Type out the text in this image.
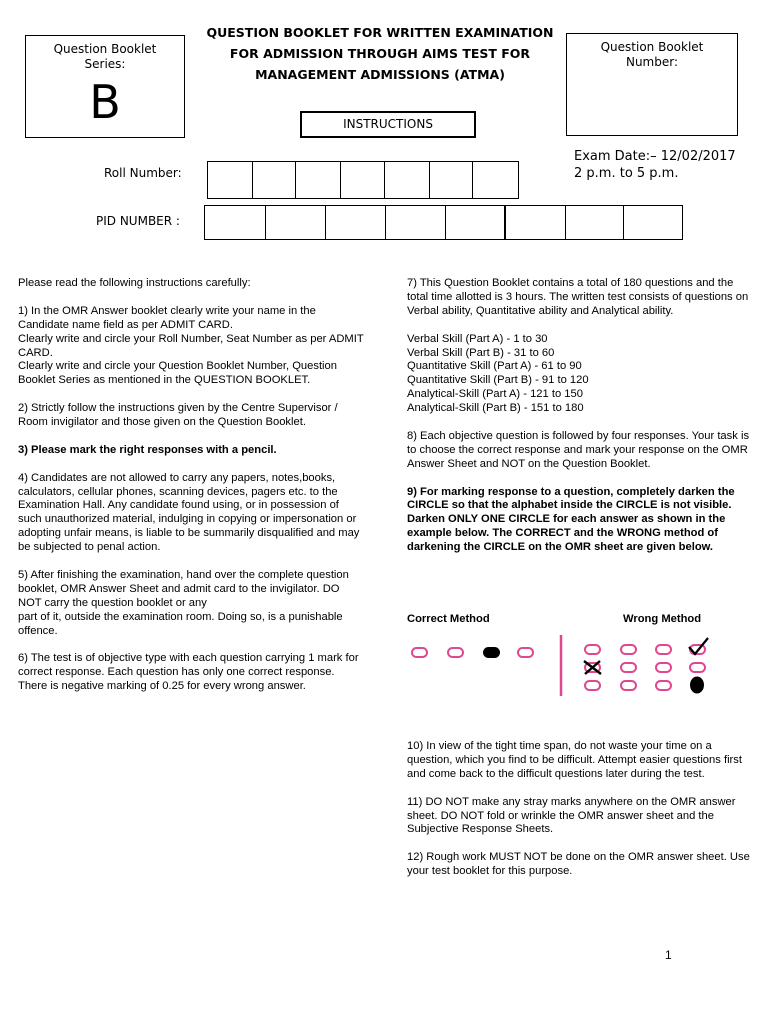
QUESTION BOOKLET FOR WRITTEN EXAMINATION
FOR ADMISSION THROUGH AIMS TEST FOR
MANAGEMENT ADMISSIONS (ATMA)
Question Booklet
Series:
B
Question Booklet
Number:
INSTRUCTIONS
Roll Number:
Exam Date:– 12/02/2017
2 p.m. to 5 p.m.
PID NUMBER :

Please read the following instructions carefully:

1) In the OMR Answer booklet clearly write your name in the Candidate name field as per ADMIT CARD.

Clearly write and circle your Roll Number, Seat Number as per ADMIT CARD.

Clearly write and circle your Question Booklet Number, Question Booklet Series as mentioned in the QUESTION BOOKLET.

2) Strictly follow the instructions given by the Centre Supervisor / Room invigilator and those given on the Question Booklet.

3) Please mark the right responses with a pencil.

4) Candidates are not allowed to carry any papers, notes,books, calculators, cellular phones, scanning devices, pagers etc. to the Examination Hall. Any candidate found using, or in possession of such unauthorized material, indulging in copying or impersonation or adopting unfair means, is liable to be summarily disqualified and may be subjected to penal action.

5) After finishing the examination, hand over the complete question booklet, OMR Answer Sheet and admit card to the invigilator. DO NOT carry the question booklet or any

part of it, outside the examination room. Doing so, is a punishable offence.

6) The test is of objective type with each question carrying 1 mark for correct response. Each question has only one correct response. There is negative marking of 0.25 for every wrong answer.

7) This Question Booklet contains a total of 180 questions and the total time allotted is 3 hours. The written test consists of questions on Verbal ability, Quantitative ability and Analytical ability.

Verbal Skill (Part A) - 1 to 30
Verbal Skill (Part B) - 31 to 60
Quantitative Skill (Part A) - 61 to 90
Quantitative Skill (Part B) - 91 to 120
Analytical-Skill (Part A) - 121 to 150
Analytical-Skill (Part B) - 151 to 180

8) Each objective question is followed by four responses. Your task is to choose the correct response and mark your response on the OMR Answer Sheet and NOT on the Question Booklet.

9) For marking response to a question, completely darken the CIRCLE so that the alphabet inside the CIRCLE is not visible. Darken ONLY ONE CIRCLE for each answer as shown in the example below. The CORRECT and the WRONG method of darkening the CIRCLE on the OMR sheet are given below.

Correct Method	Wrong Method

10) In view of the tight time span, do not waste your time on a question, which you find to be difficult. Attempt easier questions first and come back to the difficult questions later during the test.

11) DO NOT make any stray marks anywhere on the OMR answer sheet. DO NOT fold or wrinkle the OMR answer sheet and the Subjective Response Sheets.

12) Rough work MUST NOT be done on the OMR answer sheet. Use your test booklet for this purpose.

1
